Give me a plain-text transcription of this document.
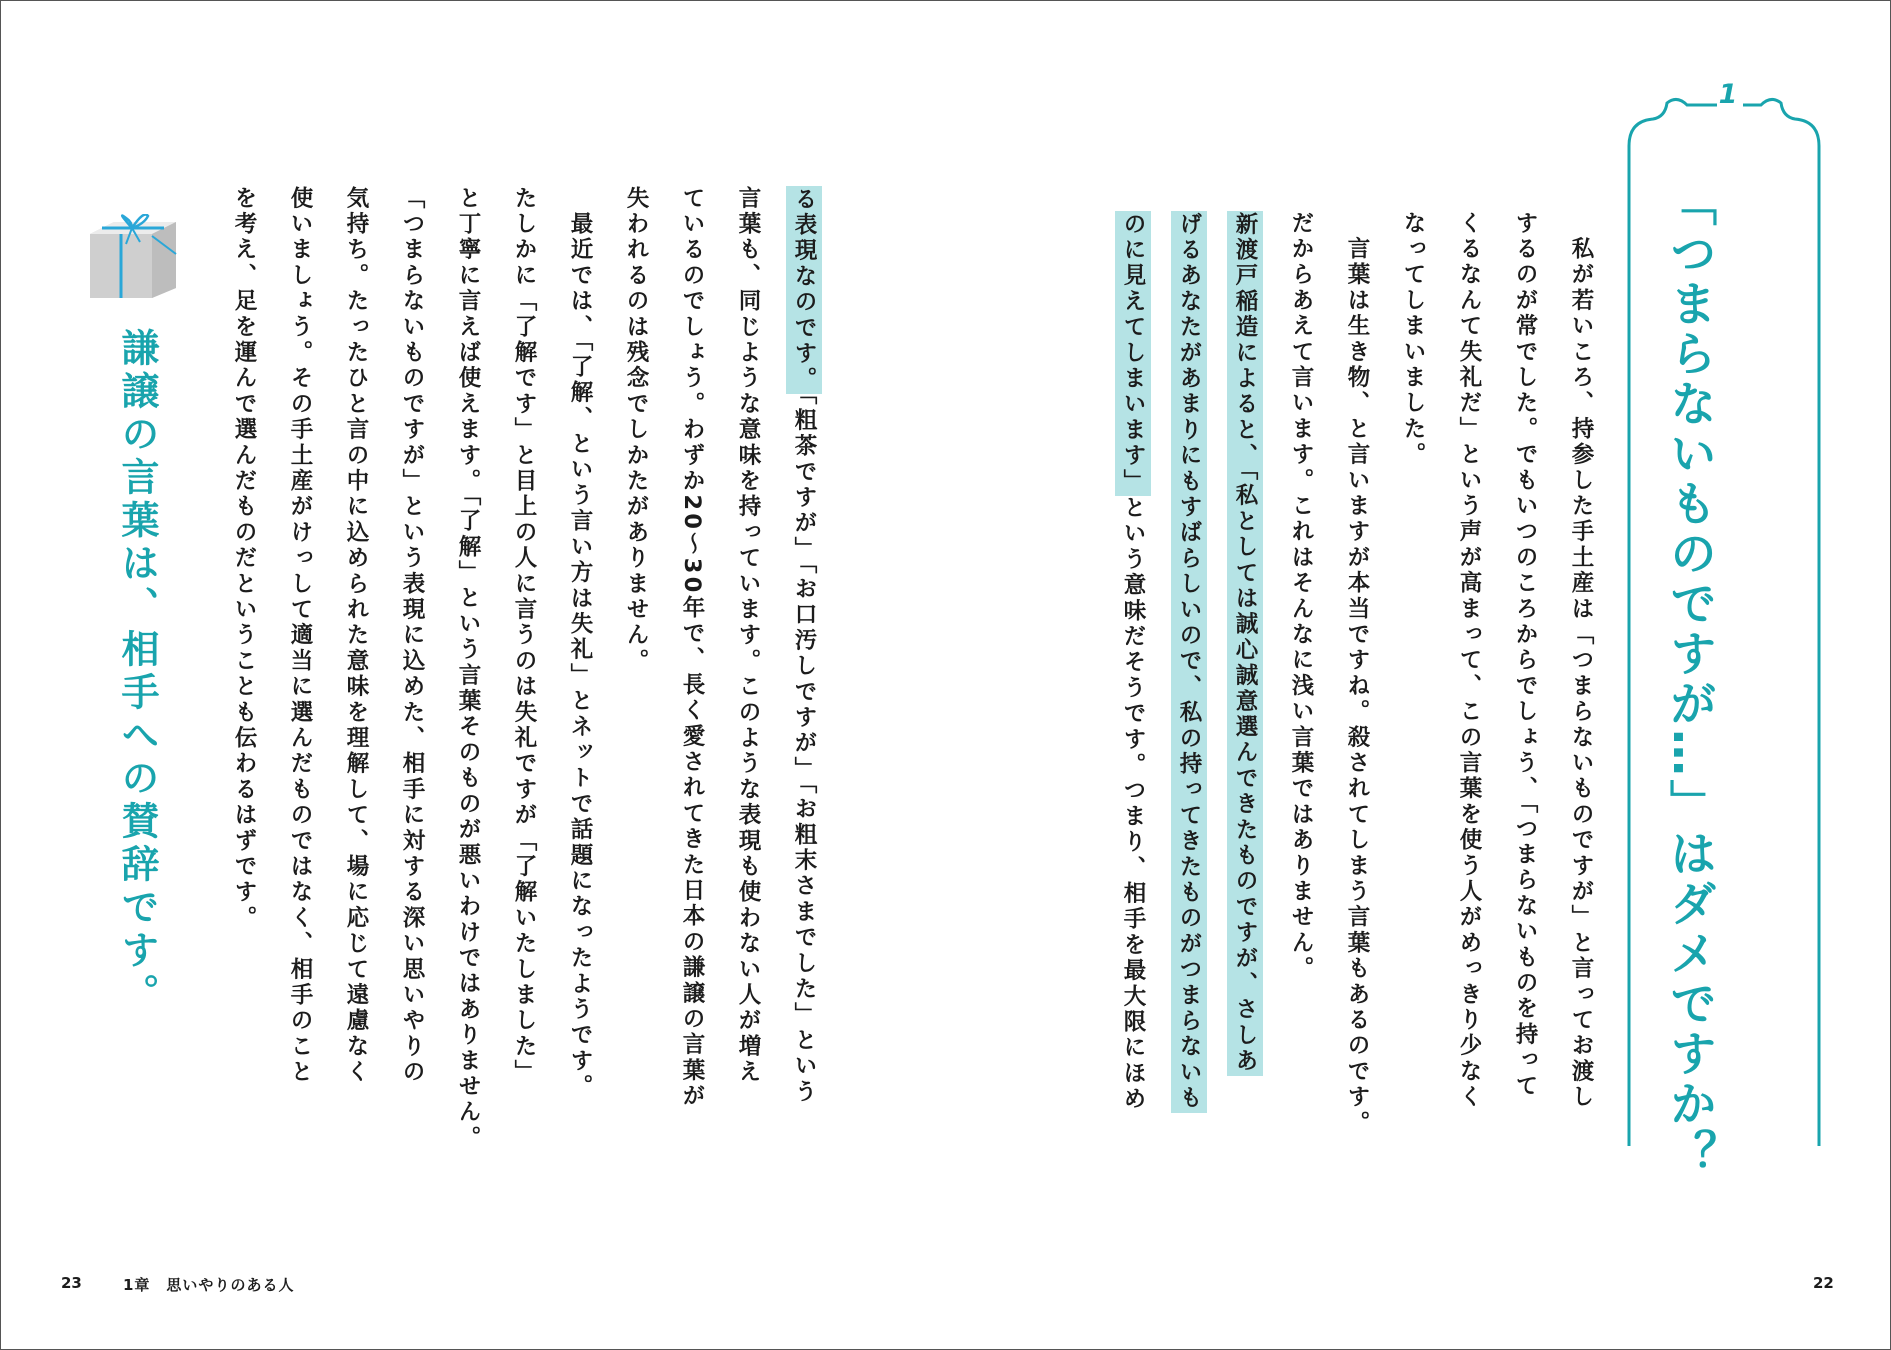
1
「つまらないものですが…」はダメですか？
　私が若いころ、持参した手土産は「つまらないものですが」と言ってお渡し
するのが常でした。でもいつのころからでしょう、「つまらないものを持って
くるなんて失礼だ」という声が高まって、この言葉を使う人がめっきり少なく
なってしまいました。
　言葉は生き物、と言いますが本当ですね。殺されてしまう言葉もあるのです。
だからあえて言います。これはそんなに浅い言葉ではありません。
新渡戸稲造によると、「私としては誠心誠意選んできたものですが、さしあ
げるあなたがあまりにもすばらしいので、私の持ってきたものがつまらないも
のに見えてしまいます」という意味だそうです。つまり、相手を最大限にほめ
る表現なのです。「粗茶ですが」「お口汚しですが」「お粗末さまでした」という
言葉も、同じような意味を持っています。このような表現も使わない人が増え
ているのでしょう。わずか20～30年で、長く愛されてきた日本の謙譲の言葉が
失われるのは残念でしかたがありません。
　最近では、「了解、という言い方は失礼」とネットで話題になったようです。
たしかに「了解です」と目上の人に言うのは失礼ですが「了解いたしました」
と丁寧に言えば使えます。「了解」という言葉そのものが悪いわけではありません。
「つまらないものですが」という表現に込めた、相手に対する深い思いやりの
気持ち。たったひと言の中に込められた意味を理解して、場に応じて遠慮なく
使いましょう。その手土産がけっして適当に選んだものではなく、相手のこと
を考え、足を運んで選んだものだということも伝わるはずです。
謙譲の言葉は、相手への賛辞です。
23	1章　思いやりのある人	22
